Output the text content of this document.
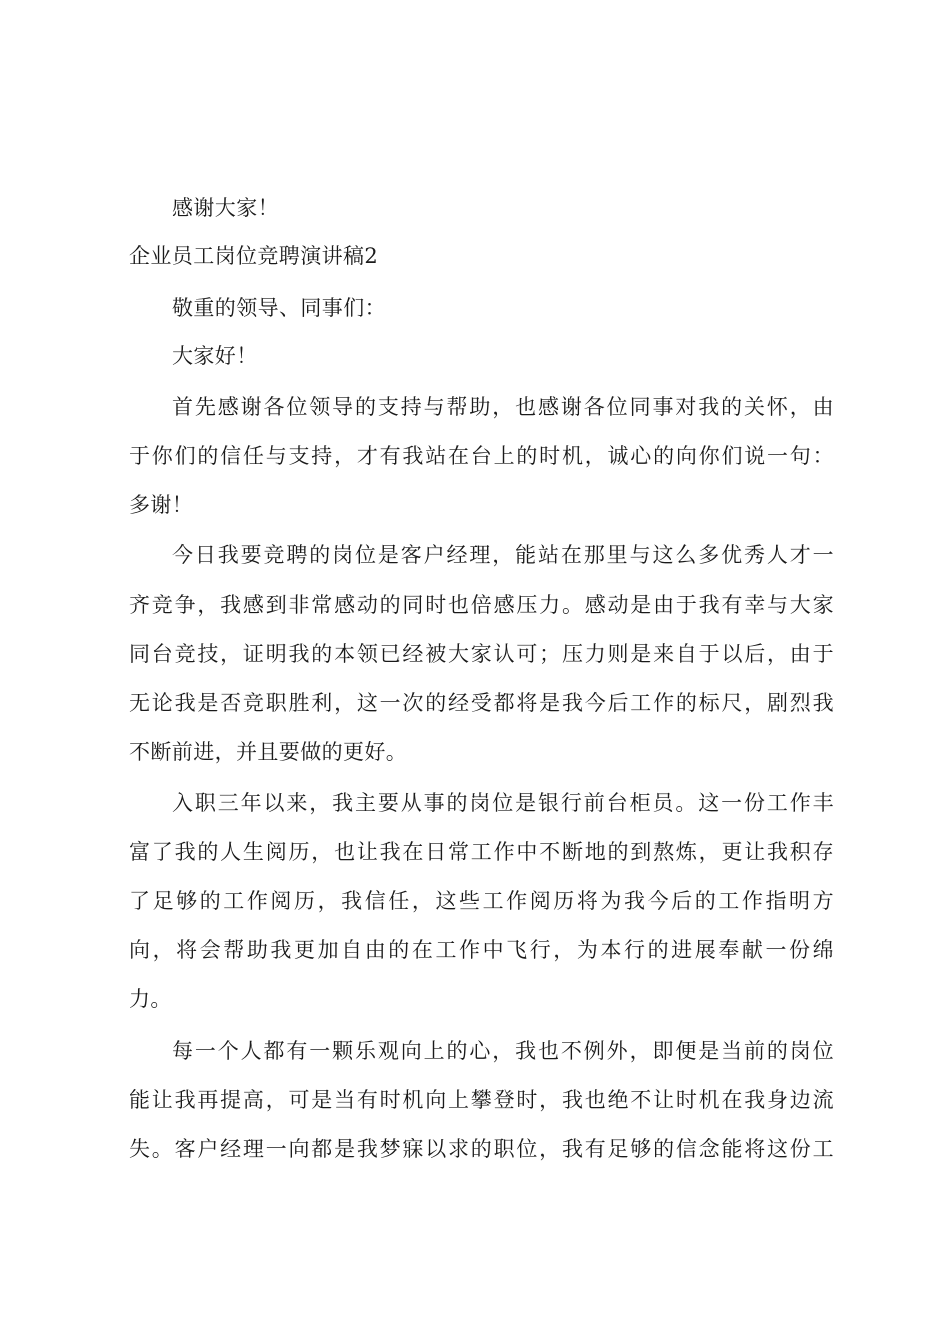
感谢大家！
企业员工岗位竞聘演讲稿2
敬重的领导、同事们：
大家好！
首先感谢各位领导的支持与帮助，也感谢各位同事对我的关怀，由
于你们的信任与支持，才有我站在台上的时机，诚心的向你们说一句：
多谢！
今日我要竞聘的岗位是客户经理，能站在那里与这么多优秀人才一
齐竞争，我感到非常感动的同时也倍感压力。感动是由于我有幸与大家
同台竞技，证明我的本领已经被大家认可；压力则是来自于以后，由于
无论我是否竞职胜利，这一次的经受都将是我今后工作的标尺，剧烈我
不断前进，并且要做的更好。
入职三年以来，我主要从事的岗位是银行前台柜员。这一份工作丰
富了我的人生阅历，也让我在日常工作中不断地的到熬炼，更让我积存
了足够的工作阅历，我信任，这些工作阅历将为我今后的工作指明方
向，将会帮助我更加自由的在工作中飞行，为本行的进展奉献一份绵
力。
每一个人都有一颗乐观向上的心，我也不例外，即便是当前的岗位
能让我再提高，可是当有时机向上攀登时，我也绝不让时机在我身边流
失。客户经理一向都是我梦寐以求的职位，我有足够的信念能将这份工
